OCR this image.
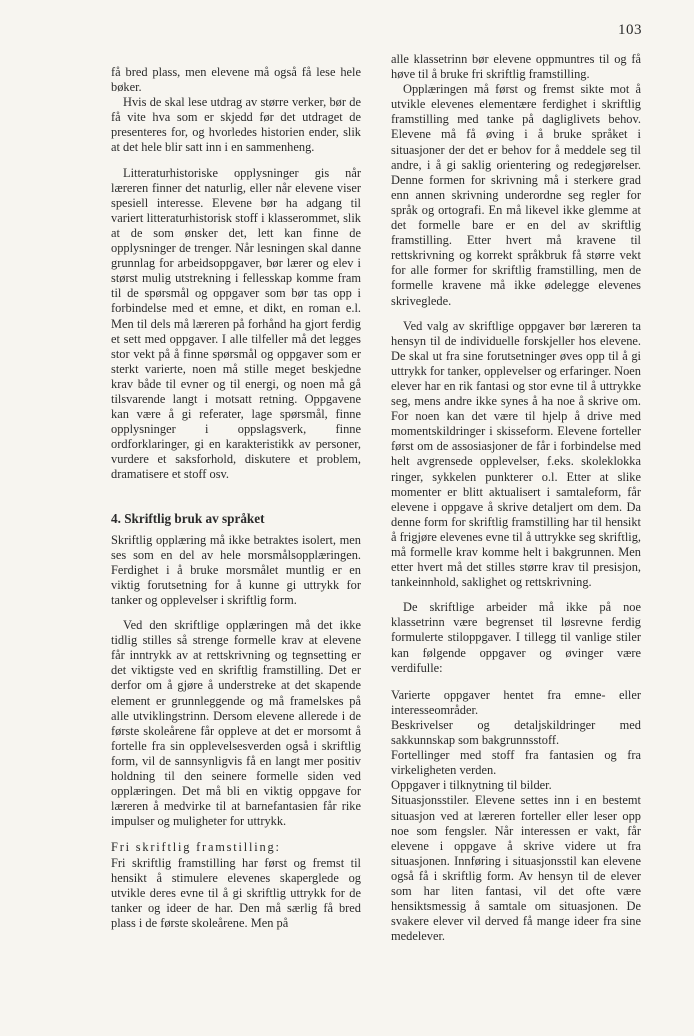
103

få bred plass, men elevene må også få lese hele bøker.

Hvis de skal lese utdrag av større verker, bør de få vite hva som er skjedd før det utdraget de presenteres for, og hvorledes historien ender, slik at det hele blir satt inn i en sammenheng.

Litteraturhistoriske opplysninger gis når læreren finner det naturlig, eller når elevene viser spesiell interesse. Elevene bør ha adgang til variert litteraturhistorisk stoff i klasserommet, slik at de som ønsker det, lett kan finne de opplysninger de trenger. Når lesningen skal danne grunnlag for arbeidsoppgaver, bør lærer og elev i størst mulig utstrekning i fellesskap komme fram til de spørsmål og oppgaver som bør tas opp i forbindelse med et emne, et dikt, en roman e.l. Men til dels må læreren på forhånd ha gjort ferdig et sett med oppgaver. I alle tilfeller må det legges stor vekt på å finne spørsmål og oppgaver som er sterkt varierte, noen må stille meget beskjedne krav både til evner og til energi, og noen må gå tilsvarende langt i motsatt retning. Oppgavene kan være å gi referater, lage spørsmål, finne opplysninger i oppslagsverk, finne ordforklaringer, gi en karakteristikk av personer, vurdere et saksforhold, diskutere et problem, dramatisere et stoff osv.

4. Skriftlig bruk av språket

Skriftlig opplæring må ikke betraktes isolert, men ses som en del av hele morsmålsopplæringen. Ferdighet i å bruke morsmålet muntlig er en viktig forutsetning for å kunne gi uttrykk for tanker og opplevelser i skriftlig form.

Ved den skriftlige opplæringen må det ikke tidlig stilles så strenge formelle krav at elevene får inntrykk av at rettskrivning og tegnsetting er det viktigste ved en skriftlig framstilling. Det er derfor om å gjøre å understreke at det skapende element er grunnleggende og må framelskes på alle utviklingstrinn. Dersom elevene allerede i de første skoleårene får oppleve at det er morsomt å fortelle fra sin opplevelsesverden også i skriftlig form, vil de sannsynligvis få en langt mer positiv holdning til den seinere formelle siden ved opplæringen. Det må bli en viktig oppgave for læreren å medvirke til at barnefantasien får rike impulser og muligheter for uttrykk.

Fri skriftlig framstilling:

Fri skriftlig framstilling har først og fremst til hensikt å stimulere elevenes skaperglede og utvikle deres evne til å gi skriftlig uttrykk for de tanker og ideer de har. Den må særlig få bred plass i de første skoleårene. Men på

alle klassetrinn bør elevene oppmuntres til og få høve til å bruke fri skriftlig framstilling.

Opplæringen må først og fremst sikte mot å utvikle elevenes elementære ferdighet i skriftlig framstilling med tanke på dagliglivets behov. Elevene må få øving i å bruke språket i situasjoner der det er behov for å meddele seg til andre, i å gi saklig orientering og redegjørelser. Denne formen for skrivning må i sterkere grad enn annen skrivning underordne seg regler for språk og ortografi. En må likevel ikke glemme at det formelle bare er en del av skriftlig framstilling. Etter hvert må kravene til rettskrivning og korrekt språkbruk få større vekt for alle former for skriftlig framstilling, men de formelle kravene må ikke ødelegge elevenes skriveglede.

Ved valg av skriftlige oppgaver bør læreren ta hensyn til de individuelle forskjeller hos elevene. De skal ut fra sine forutsetninger øves opp til å gi uttrykk for tanker, opplevelser og erfaringer. Noen elever har en rik fantasi og stor evne til å uttrykke seg, mens andre ikke synes å ha noe å skrive om. For noen kan det være til hjelp å drive med momentskildringer i skisseform. Elevene forteller først om de assosiasjoner de får i forbindelse med helt avgrensede opplevelser, f.eks. skoleklokka ringer, sykkelen punkterer o.l. Etter at slike momenter er blitt aktualisert i samtaleform, får elevene i oppgave å skrive detaljert om dem. Da denne form for skriftlig framstilling har til hensikt å frigjøre elevenes evne til å uttrykke seg skriftlig, må formelle krav komme helt i bakgrunnen. Men etter hvert må det stilles større krav til presisjon, tankeinnhold, saklighet og rettskrivning.

De skriftlige arbeider må ikke på noe klassetrinn være begrenset til løsrevne ferdig formulerte stiloppgaver. I tillegg til vanlige stiler kan følgende oppgaver og øvinger være verdifulle:

Varierte oppgaver hentet fra emne- eller interesseområder.

Beskrivelser og detaljskildringer med sakkunnskap som bakgrunnsstoff.

Fortellinger med stoff fra fantasien og fra virkeligheten verden.

Oppgaver i tilknytning til bilder.

Situasjonsstiler. Elevene settes inn i en bestemt situasjon ved at læreren forteller eller leser opp noe som fengsler. Når interessen er vakt, får elevene i oppgave å skrive videre ut fra situasjonen. Innføring i situasjonsstil kan elevene også få i skriftlig form. Av hensyn til de elever som har liten fantasi, vil det ofte være hensiktsmessig å samtale om situasjonen. De svakere elever vil derved få mange ideer fra sine medelever.
